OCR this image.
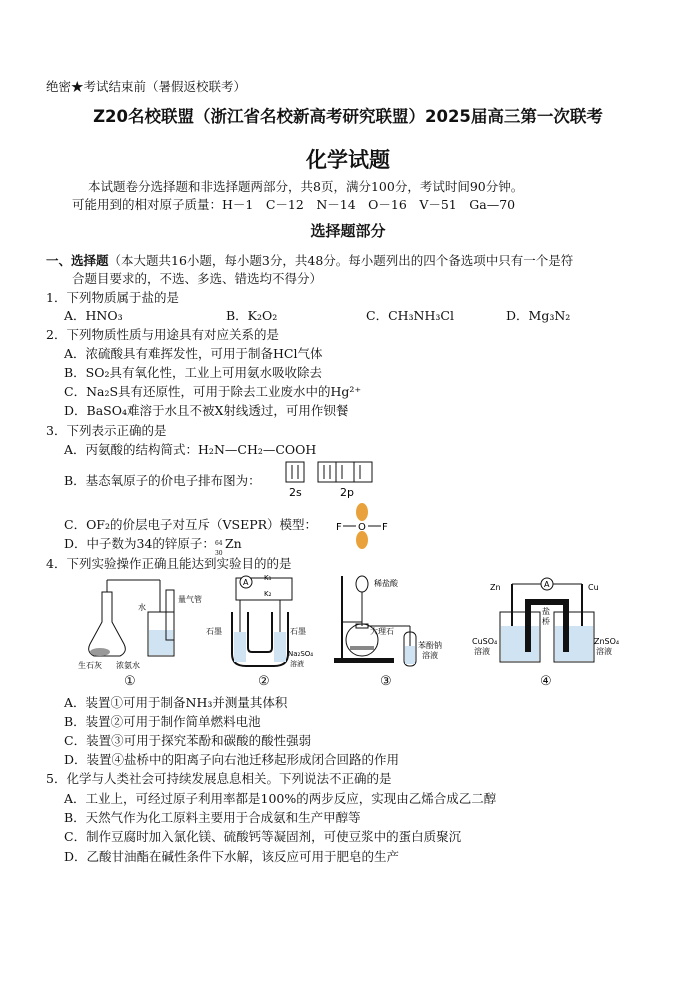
绝密★考试结束前（暑假返校联考）
Z20名校联盟（浙江省名校新高考研究联盟）2025届高三第一次联考
化学试题
本试题卷分选择题和非选择题两部分，共8页，满分100分，考试时间90分钟。
可能用到的相对原子质量：H－1　C－12　N－14　O－16　V－51　Ga—70
选择题部分
一、选择题（本大题共16小题，每小题3分，共48分。每小题列出的四个备选项中只有一个是符
合题目要求的，不选、多选、错选均不得分）
1．下列物质属于盐的是
A．HNO₃	B．K₂O₂	C．CH₃NH₃Cl	D．Mg₃N₂
2．下列物质性质与用途具有对应关系的是
A．浓硫酸具有难挥发性，可用于制备HCl气体
B．SO₂具有氧化性，工业上可用氨水吸收除去
C．Na₂S具有还原性，可用于除去工业废水中的Hg²⁺
D．BaSO₄难溶于水且不被X射线透过，可用作钡餐
3．下列表示正确的是
A．丙氨酸的结构简式：H₂N—CH₂—COOH
B．基态氧原子的价电子排布图为：
2s	2p
C．OF₂的价层电子对互斥（VSEPR）模型： F O F
D．中子数为34的锌原子： 64
30
Zn
4．下列实验操作正确且能达到实验目的的是
生石灰 浓氨水
水
量气管
①
A K₁
K₂
石墨	石墨
Na₂SO₄
溶液
②
稀盐酸
大理石
苯酚钠
溶液
③
A
Zn	Cu
盐
桥
CuSO₄
溶液
ZnSO₄
溶液
④
A．装置①可用于制备NH₃并测量其体积
B．装置②可用于制作简单燃料电池
C．装置③可用于探究苯酚和碳酸的酸性强弱
D．装置④盐桥中的阳离子向右池迁移起形成闭合回路的作用
5．化学与人类社会可持续发展息息相关。下列说法不正确的是
A．工业上，可经过原子利用率都是100%的两步反应，实现由乙烯合成乙二醇
B．天然气作为化工原料主要用于合成氨和生产甲醇等
C．制作豆腐时加入氯化镁、硫酸钙等凝固剂，可使豆浆中的蛋白质聚沉
D．乙酸甘油酯在碱性条件下水解，该反应可用于肥皂的生产
